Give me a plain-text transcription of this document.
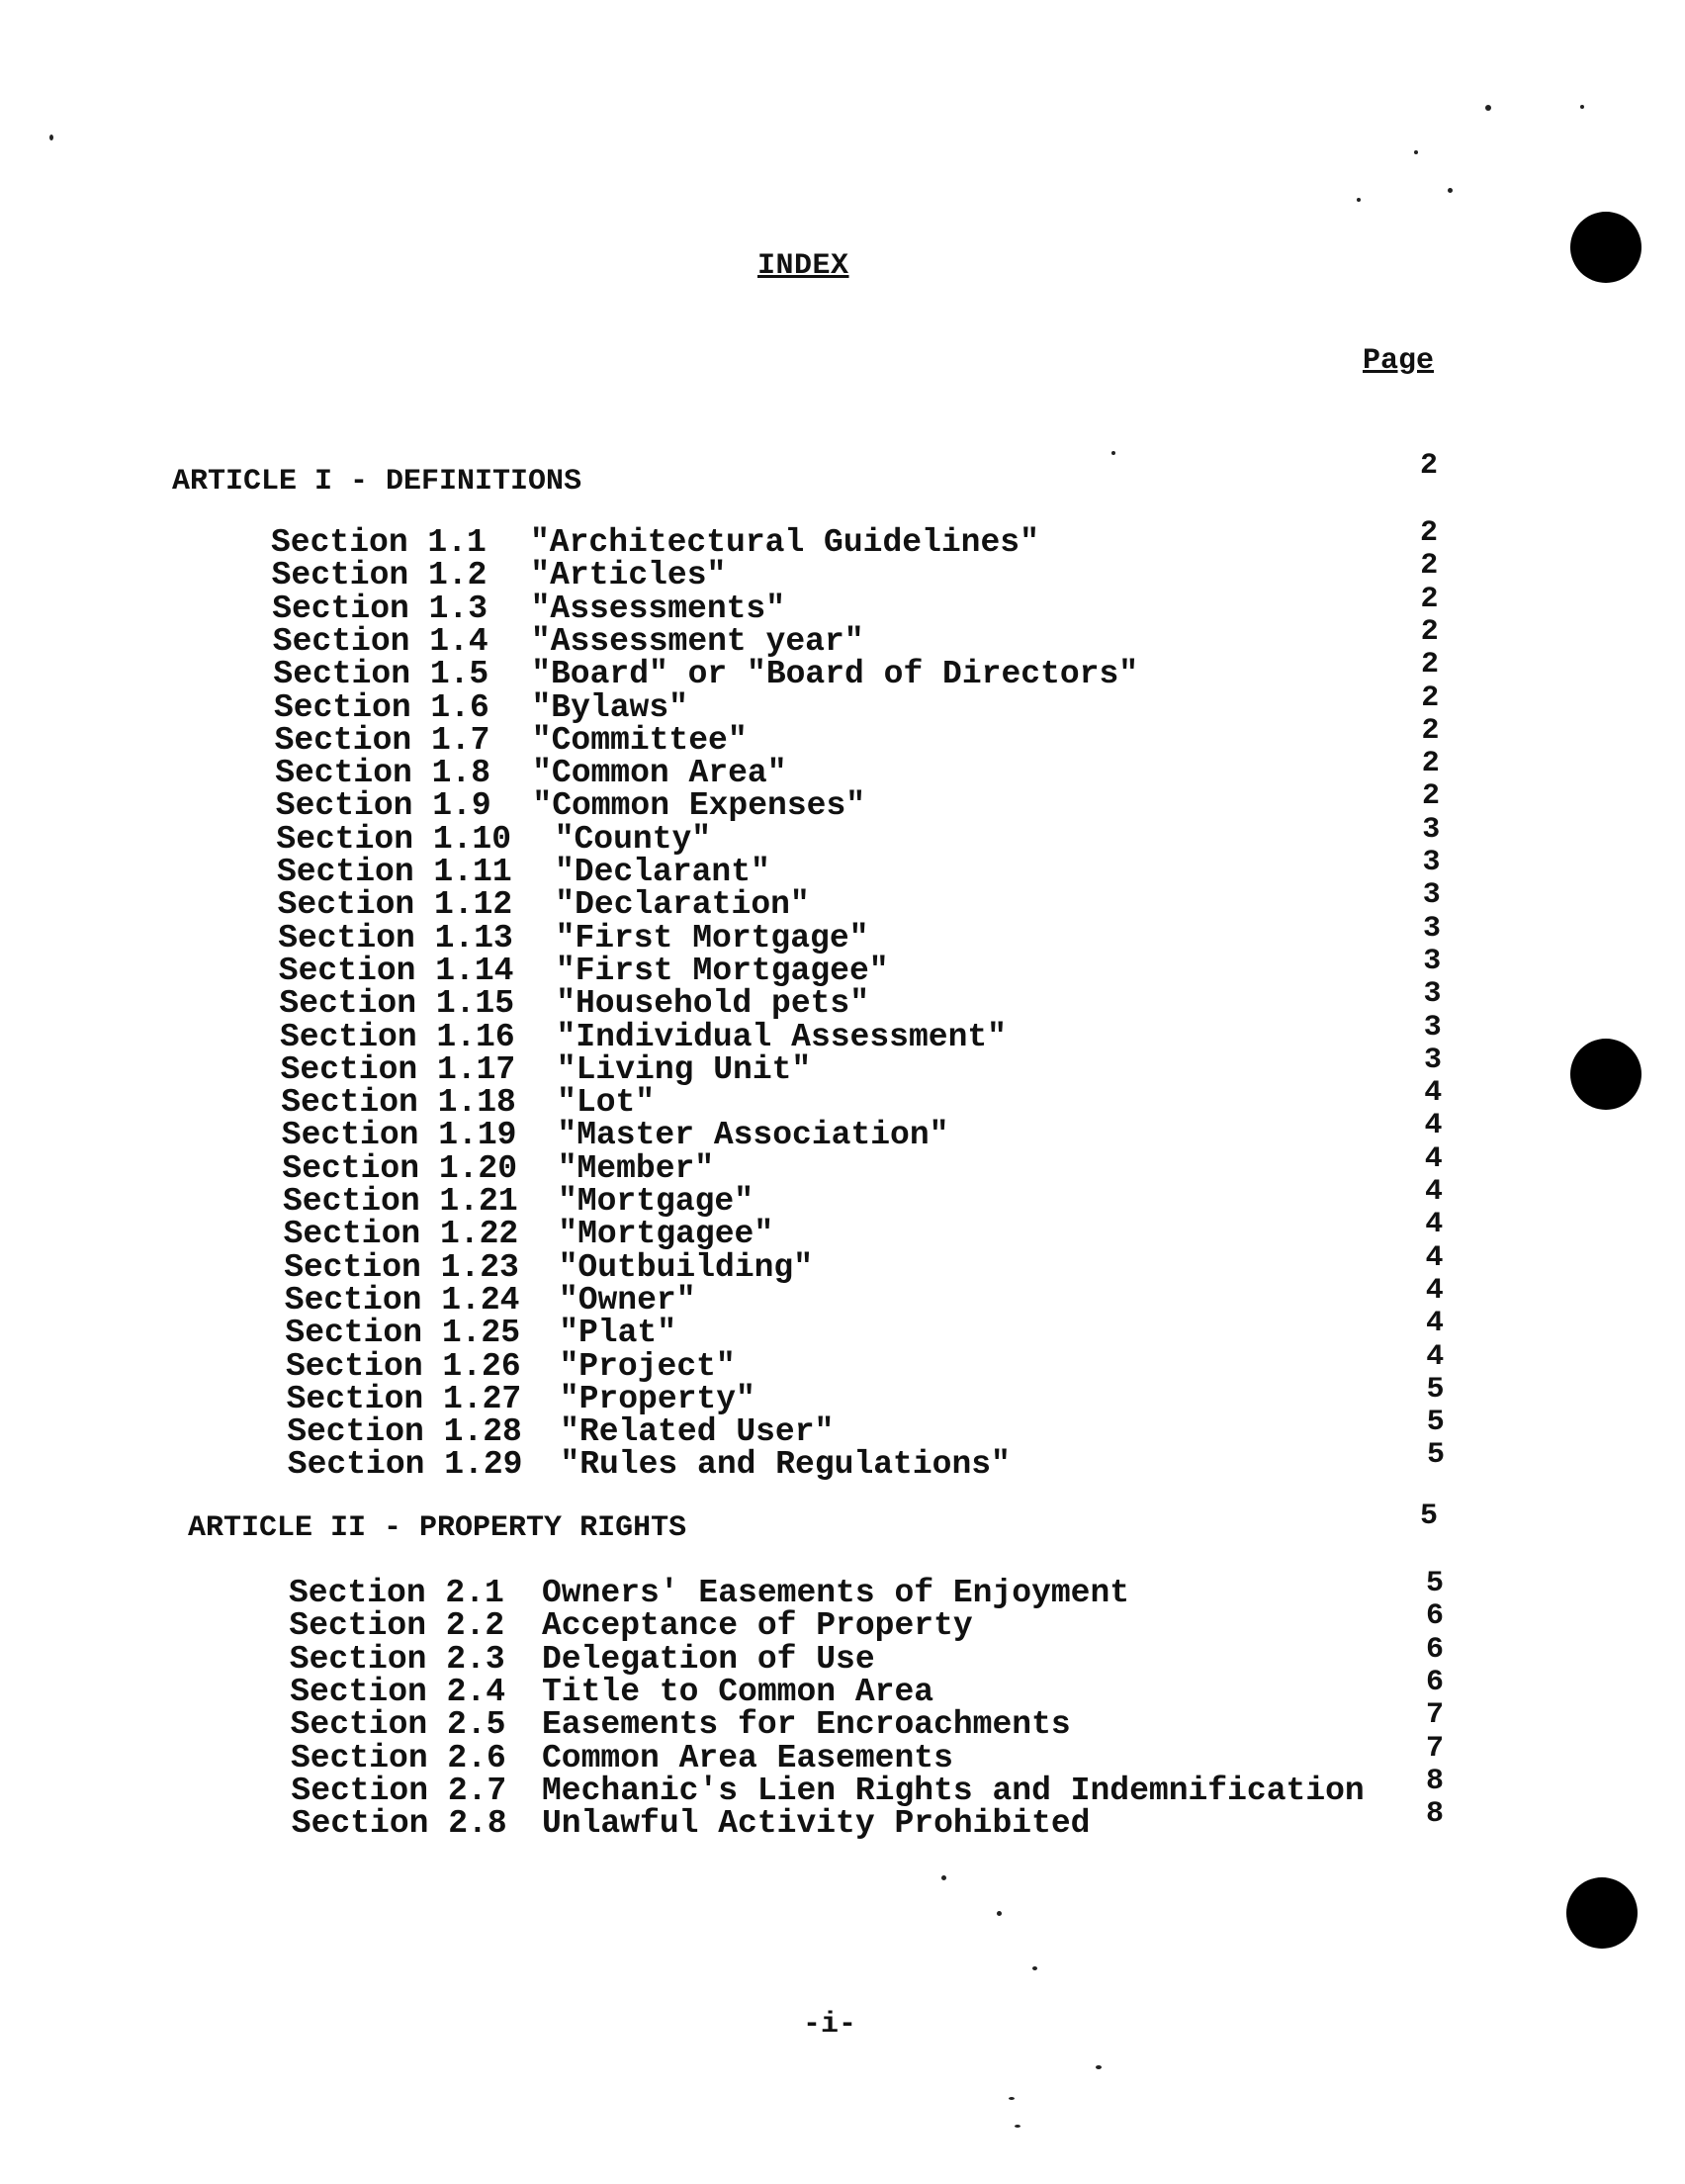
INDEX
Page
ARTICLE I - DEFINITIONS	2
Section 1.1 "Architectural Guidelines"	2
Section 1.2 "Articles"	2
Section 1.3 "Assessments"	2
Section 1.4 "Assessment year"	2
Section 1.5 "Board" or "Board of Directors"	2
Section 1.6 "Bylaws"	2
Section 1.7 "Committee"	2
Section 1.8 "Common Area"	2
Section 1.9 "Common Expenses"	2
Section 1.10 "County"	3
Section 1.11 "Declarant"	3
Section 1.12 "Declaration"	3
Section 1.13 "First Mortgage"	3
Section 1.14 "First Mortgagee"	3
Section 1.15 "Household pets"	3
Section 1.16 "Individual Assessment"	3
Section 1.17 "Living Unit"	3
Section 1.18 "Lot"	4
Section 1.19 "Master Association"	4
Section 1.20 "Member"	4
Section 1.21 "Mortgage"	4
Section 1.22 "Mortgagee"	4
Section 1.23 "Outbuilding"	4
Section 1.24 "Owner"	4
Section 1.25 "Plat"	4
Section 1.26 "Project"	4
Section 1.27 "Property"	5
Section 1.28 "Related User"	5
Section 1.29 "Rules and Regulations"	5
ARTICLE II - PROPERTY RIGHTS	5
Section 2.1 Owners' Easements of Enjoyment	5
Section 2.2 Acceptance of Property	6
Section 2.3 Delegation of Use	6
Section 2.4 Title to Common Area	6
Section 2.5 Easements for Encroachments	7
Section 2.6 Common Area Easements	7
Section 2.7 Mechanic's Lien Rights and Indemnification 8
Section 2.8 Unlawful Activity Prohibited	8
-i-
